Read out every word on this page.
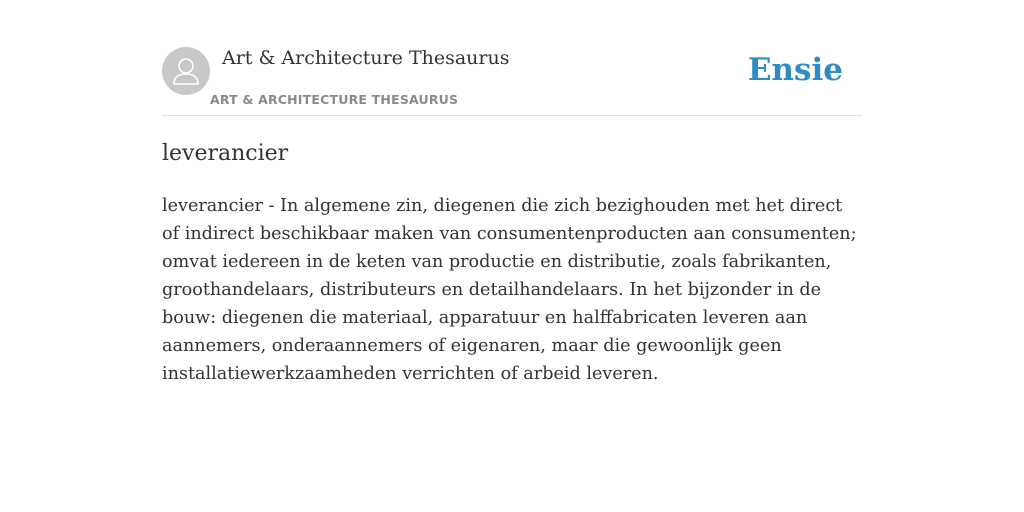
Art & Architecture Thesaurus
ART & ARCHITECTURE THESAURUS
Ensie
leverancier

leverancier - In algemene zin, diegenen die zich bezighouden met het direct of indirect beschikbaar maken van consumentenproducten aan consumenten; omvat iedereen in de keten van productie en distributie, zoals fabrikanten, groothandelaars, distributeurs en detailhandelaars. In het bijzonder in de bouw: diegenen die materiaal, apparatuur en halffabricaten leveren aan aannemers, onderaannemers of eigenaren, maar die gewoonlijk geen installatiewerkzaamheden verrichten of arbeid leveren.
